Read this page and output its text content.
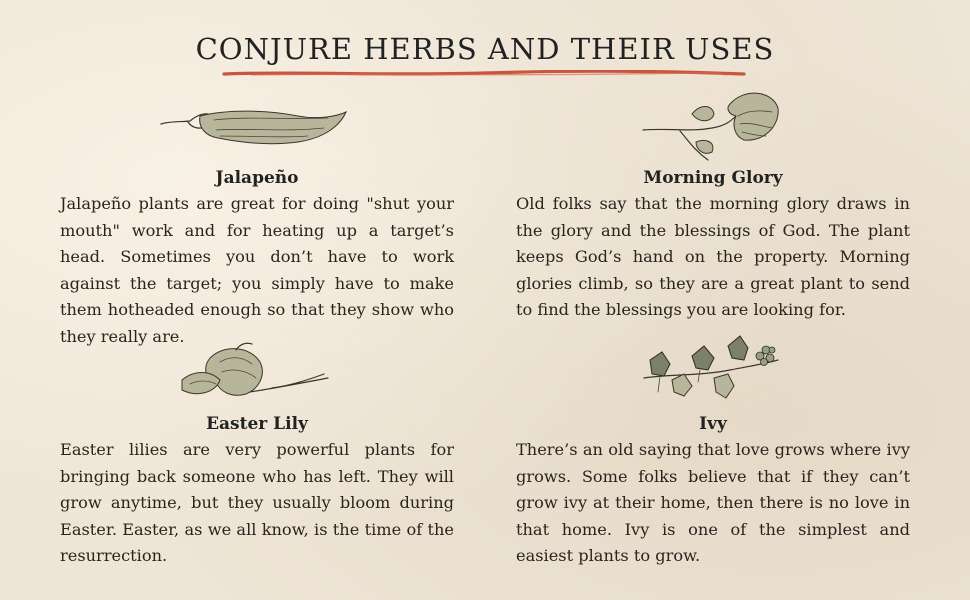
CONJURE HERBS AND THEIR USES
Jalapeño
Jalapeño plants are great for doing "shut your mouth" work and for heating up a target’s head. Sometimes you don’t have to work against the target; you simply have to make them hotheaded enough so that they show who they really are.
Morning Glory
Old folks say that the morning glory draws in the glory and the blessings of God. The plant keeps God’s hand on the property. Morning glories climb, so they are a great plant to send to find the blessings you are looking for.
Easter Lily
Easter lilies are very powerful plants for bringing back someone who has left. They will grow anytime, but they usually bloom during Easter. Easter, as we all know, is the time of the resurrection.
Ivy
There’s an old saying that love grows where ivy grows. Some folks believe that if they can’t grow ivy at their home, then there is no love in that home. Ivy is one of the simplest and easiest plants to grow.
